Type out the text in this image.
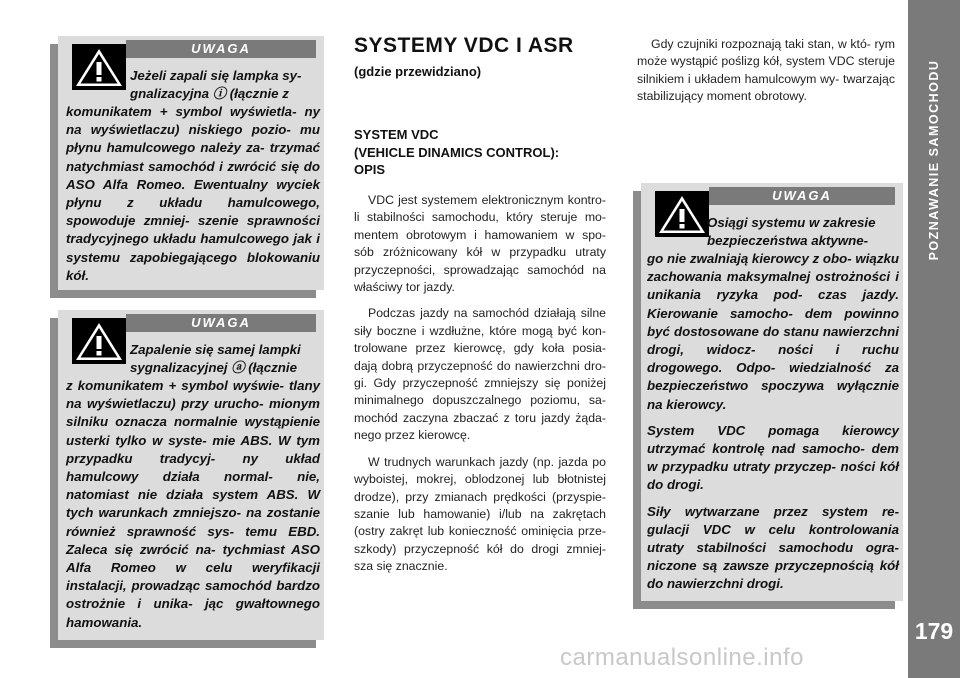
POZNAWANIE SAMOCHODU
179
UWAGA
Jeżeli zapali się lampka sy-
gnalizacyjna ⓘ (łącznie z
komunikatem + symbol wyświetla- ny na wyświetlaczu) niskiego pozio- mu płynu hamulcowego należy za- trzymać natychmiast samochód i zwrócić się do ASO Alfa Romeo. Ewentualny wyciek płynu z układu hamulcowego, spowoduje zmniej- szenie sprawności tradycyjnego układu hamulcowego jak i systemu zapobiegającego blokowaniu kół.
UWAGA
Zapalenie się samej lampki
sygnalizacyjnej ⓐ (łącznie
z komunikatem + symbol wyświe- tlany na wyświetlaczu) przy urucho- mionym silniku oznacza normalnie wystąpienie usterki tylko w syste- mie ABS. W tym przypadku tradycyj- ny układ hamulcowy działa normal- nie, natomiast nie działa system ABS. W tych warunkach zmniejszo- na zostanie również sprawność sys- temu EBD. Zaleca się zwrócić na- tychmiast ASO Alfa Romeo w celu weryfikacji instalacji, prowadząc samochód bardzo ostrożnie i unika- jąc gwałtownego hamowania.
SYSTEMY VDC I ASR
(gdzie przewidziano)
SYSTEM VDC
(VEHICLE DINAMICS CONTROL):
OPIS

VDC jest systemem elektronicznym kontro- li stabilności samochodu, który steruje mo- mentem obrotowym i hamowaniem w spo- sób zróżnicowany kół w przypadku utraty przyczepności, sprowadzając samochód na właściwy tor jazdy.

Podczas jazdy na samochód działają silne siły boczne i wzdłużne, które mogą być kon- trolowane przez kierowcę, gdy koła posia- dają dobrą przyczepność do nawierzchni dro- gi. Gdy przyczepność zmniejszy się poniżej minimalnego dopuszczalnego poziomu, sa- mochód zaczyna zbaczać z toru jazdy żąda- nego przez kierowcę.

W trudnych warunkach jazdy (np. jazda po wyboistej, mokrej, oblodzonej lub błotnistej drodze), przy zmianach prędkości (przyspie- szanie lub hamowanie) i/lub na zakrętach (ostry zakręt lub konieczność ominięcia prze- szkody) przyczepność kół do drogi zmniej- sza się znacznie.

Gdy czujniki rozpoznają taki stan, w któ- rym może wystąpić poślizg kół, system VDC steruje silnikiem i układem hamulcowym wy- twarzając stabilizujący moment obrotowy.

UWAGA
Osiągi systemu w zakresie
bezpieczeństwa aktywne-
go nie zwalniają kierowcy z obo- wiązku zachowania maksymalnej ostrożności i unikania ryzyka pod- czas jazdy. Kierowanie samocho- dem powinno być dostosowane do stanu nawierzchni drogi, widocz- ności i ruchu drogowego. Odpo- wiedzialność za bezpieczeństwo spoczywa wyłącznie na kierowcy.
System VDC pomaga kierowcy utrzymać kontrolę nad samocho- dem w przypadku utraty przyczep- ności kół do drogi.
Siły wytwarzane przez system re- gulacji VDC w celu kontrolowania utraty stabilności samochodu ogra- niczone są zawsze przyczepnością kół do nawierzchni drogi.
carmanualsonline.info
